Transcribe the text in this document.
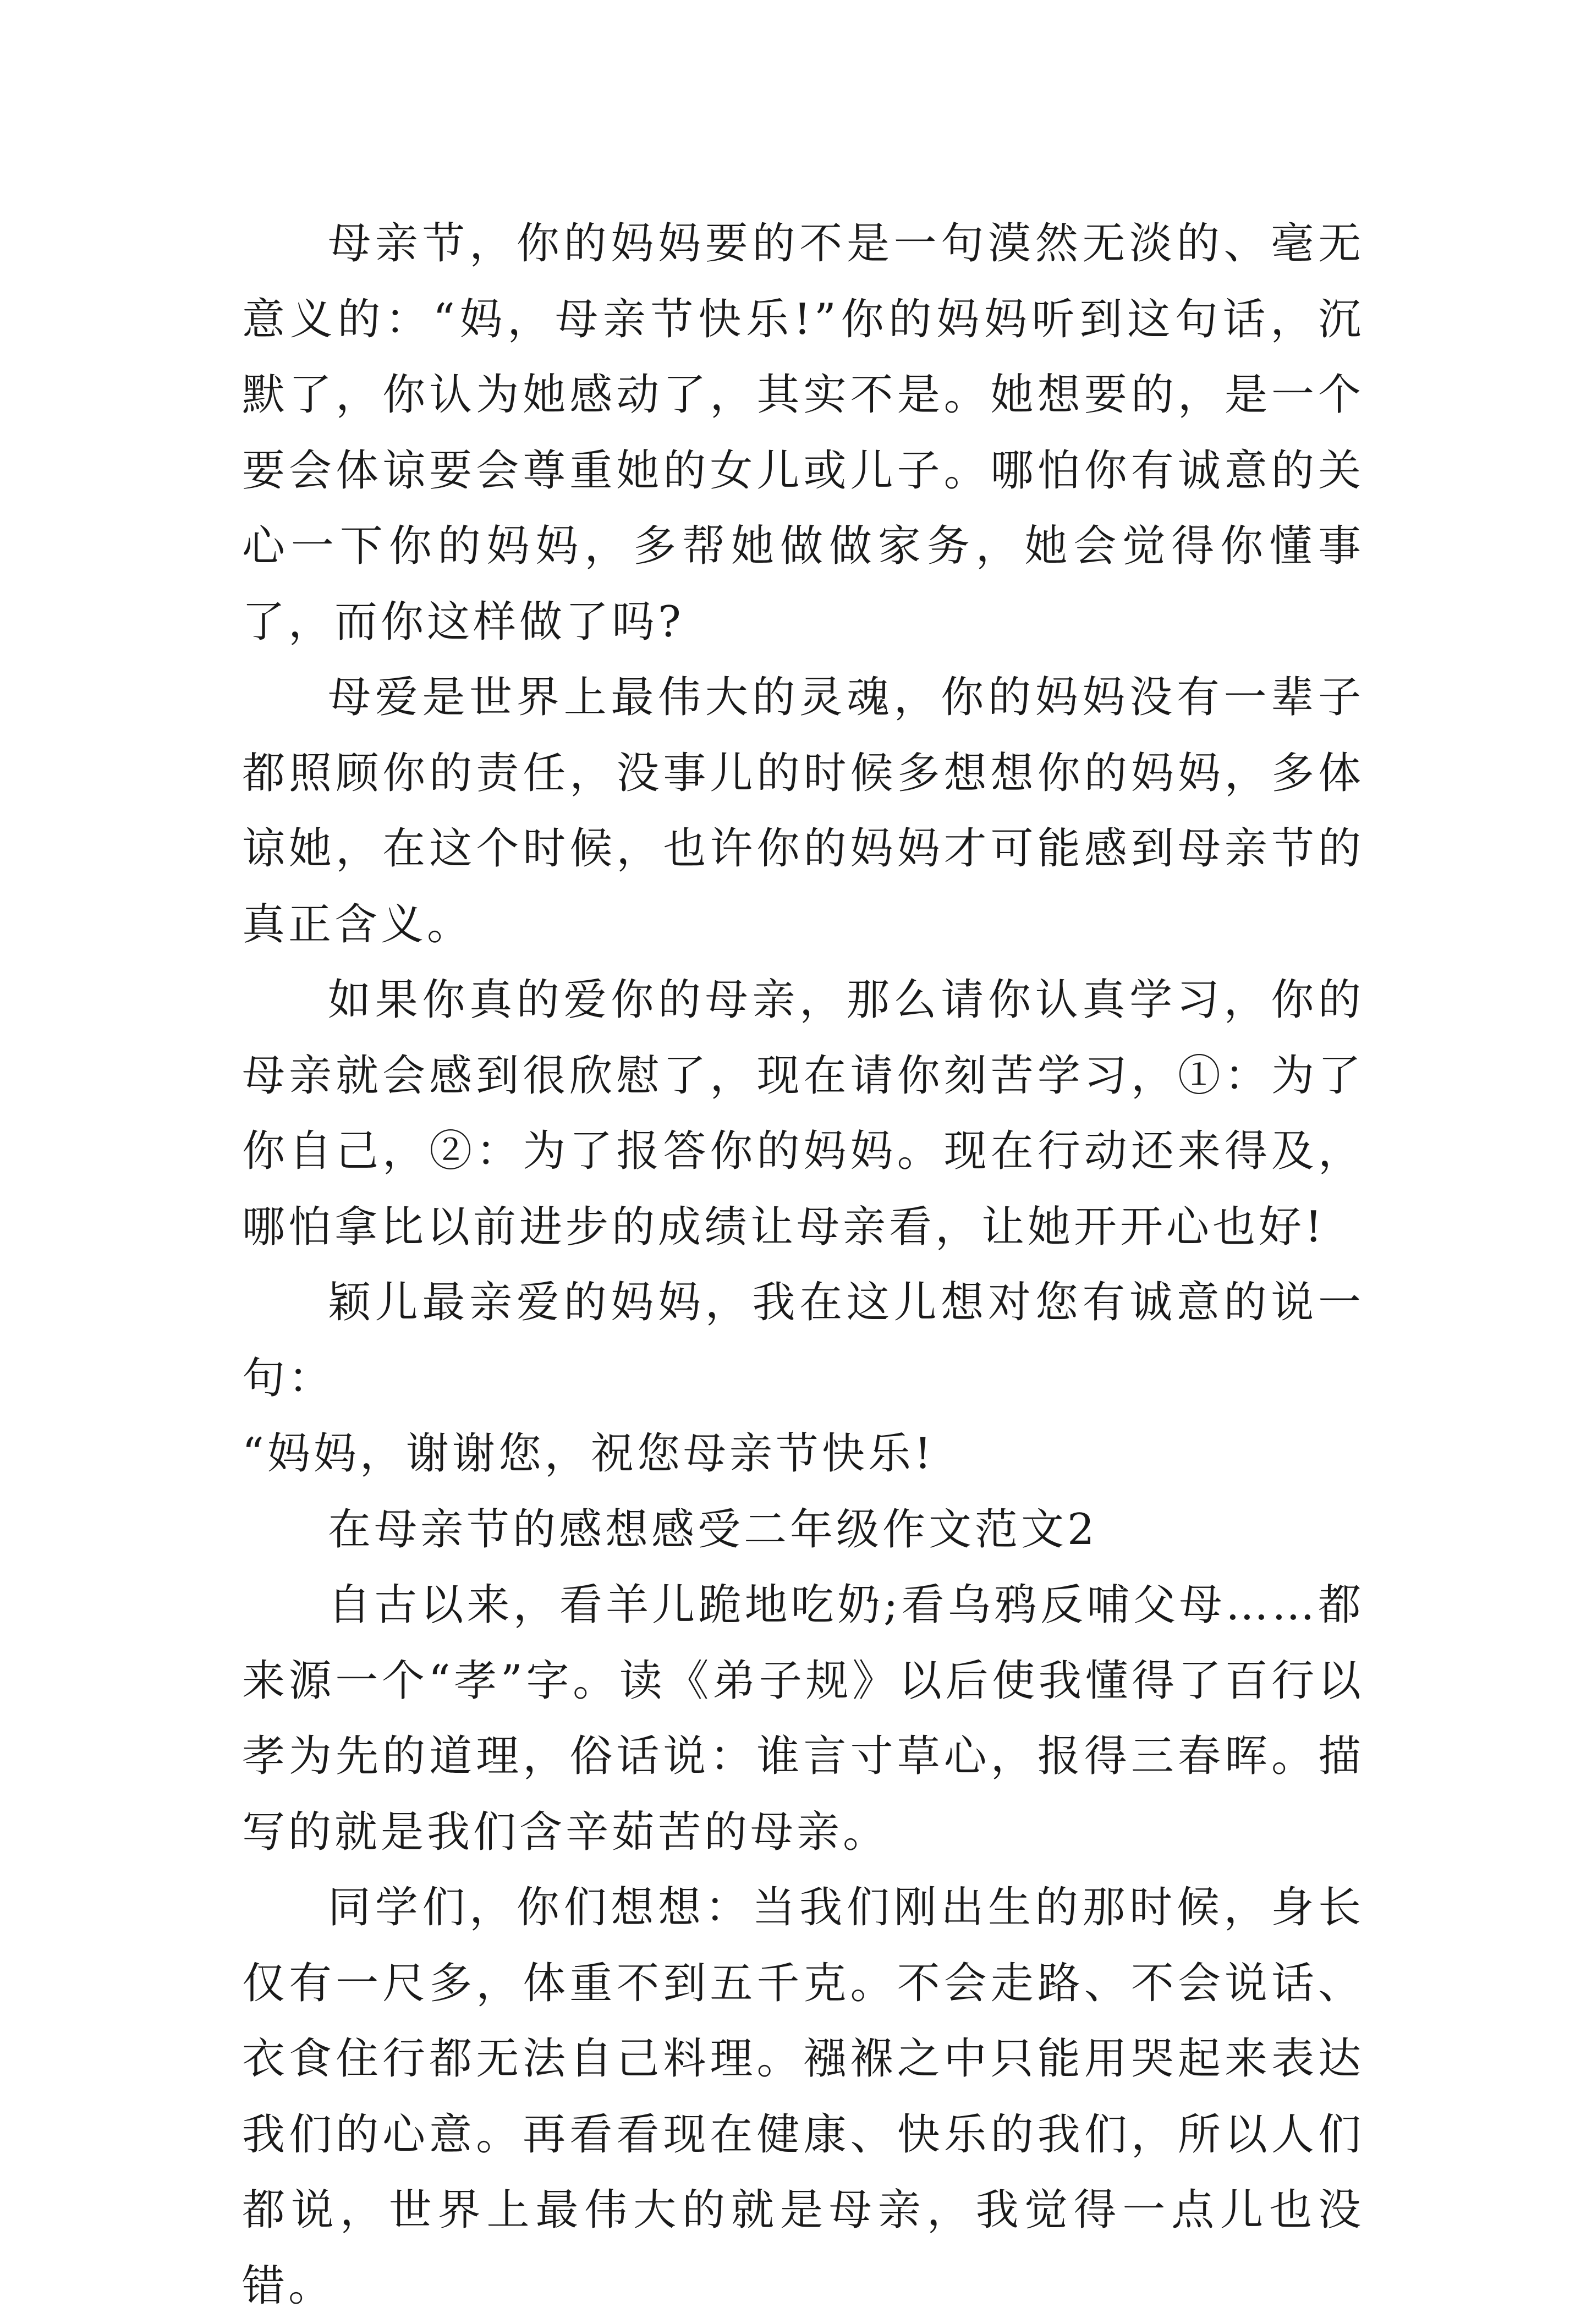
母亲节，你的妈妈要的不是一句漠然无淡的、毫无意义的：“妈，母亲节快乐!”你的妈妈听到这句话，沉默了，你认为她感动了，其实不是。她想要的，是一个要会体谅要会尊重她的女儿或儿子。哪怕你有诚意的关心一下你的妈妈，多帮她做做家务，她会觉得你懂事了，而你这样做了吗?

母爱是世界上最伟大的灵魂，你的妈妈没有一辈子都照顾你的责任，没事儿的时候多想想你的妈妈，多体谅她，在这个时候，也许你的妈妈才可能感到母亲节的真正含义。

如果你真的爱你的母亲，那么请你认真学习，你的母亲就会感到很欣慰了，现在请你刻苦学习，①：为了你自己，②：为了报答你的妈妈。现在行动还来得及，哪怕拿比以前进步的成绩让母亲看，让她开开心也好!

颖儿最亲爱的妈妈，我在这儿想对您有诚意的说一句：

“妈妈，谢谢您，祝您母亲节快乐!

在母亲节的感想感受二年级作文范文2

自古以来，看羊儿跪地吃奶;看乌鸦反哺父母……都来源一个“孝”字。读《弟子规》以后使我懂得了百行以孝为先的道理，俗话说：谁言寸草心，报得三春晖。描写的就是我们含辛茹苦的母亲。

同学们，你们想想：当我们刚出生的那时候，身长仅有一尺多，体重不到五千克。不会走路、不会说话、衣食住行都无法自己料理。襁褓之中只能用哭起来表达我们的心意。再看看现在健康、快乐的我们，所以人们都说，世界上最伟大的就是母亲，我觉得一点儿也没错。
